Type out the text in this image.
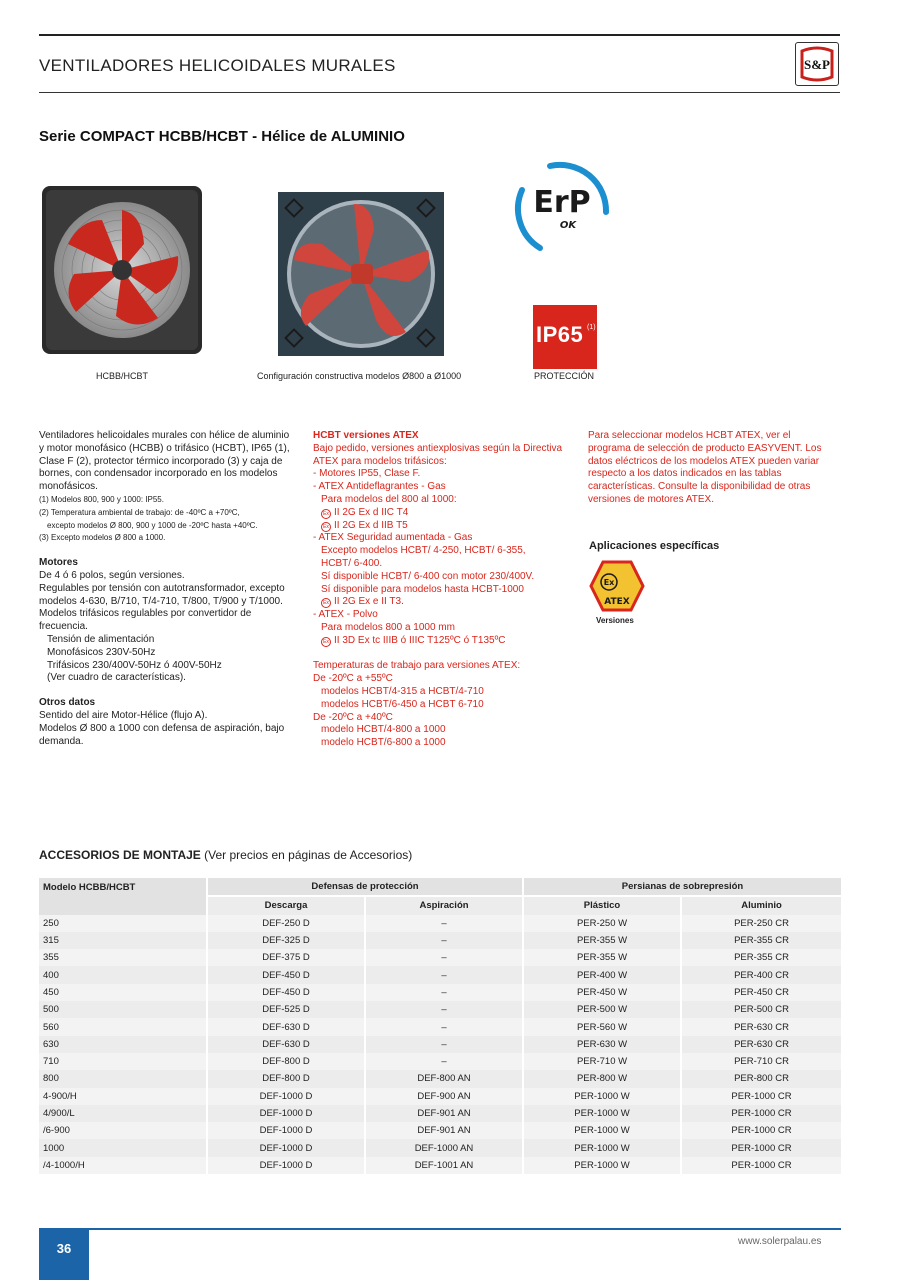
VENTILADORES HELICOIDALES MURALES	S&P
Serie COMPACT HCBB/HCBT - Hélice de ALUMINIO
HCBB/HCBT	Configuración constructiva modelos Ø800 a Ø1000
ErP
OK
IP65 (1)
PROTECCIÓN

Ventiladores helicoidales murales con hélice de aluminio y motor monofásico (HCBB) o trifásico (HCBT), IP65 (1), Clase F (2), protector térmico incorporado (3) y caja de bornes, con condensador incorporado en los modelos monofásicos.

(1) Modelos 800, 900 y 1000: IP55.

(2) Temperatura ambiental de trabajo: de -40ºC a +70ºC,

excepto modelos Ø 800, 900 y 1000 de -20ºC hasta +40ºC.

(3) Excepto modelos Ø 800 a 1000.

Motores

De 4 ó 6 polos, según versiones.

Regulables por tensión con autotransformador, excepto modelos 4-630, B/710, T/4-710, T/800, T/900 y T/1000.

Modelos trifásicos regulables por convertidor de frecuencia.

Tensión de alimentación

Monofásicos 230V-50Hz

Trifásicos 230/400V-50Hz ó 400V-50Hz

(Ver cuadro de características).

Otros datos

Sentido del aire Motor-Hélice (flujo A).

Modelos Ø 800 a 1000 con defensa de aspiración, bajo demanda.

HCBT versiones ATEX

Bajo pedido, versiones antiexplosivas según la Directiva ATEX para modelos trifásicos:

- Motores IP55, Clase F.

- ATEX Antideflagrantes - Gas

Para modelos del 800 al 1000:

Ex II 2G Ex d IIC T4

Ex II 2G Ex d IIB T5

- ATEX Seguridad aumentada - Gas

Excepto modelos HCBT/ 4-250, HCBT/ 6-355,

HCBT/ 6-400.

Sí disponible HCBT/ 6-400 con motor 230/400V.

Sí disponible para modelos hasta HCBT-1000

Ex II 2G Ex e II T3.

- ATEX - Polvo

Para modelos 800 a 1000 mm

Ex II 3D Ex tc IIIB ó IIIC T125ºC ó T135ºC

Temperaturas de trabajo para versiones ATEX:

De -20ºC a +55ºC

modelos HCBT/4-315 a HCBT/4-710

modelos HCBT/6-450 a HCBT 6-710

De -20ºC a +40ºC

modelo HCBT/4-800 a 1000

modelo HCBT/6-800 a 1000

Para seleccionar modelos HCBT ATEX, ver el programa de selección de producto EASYVENT. Los datos eléctricos de los modelos ATEX pueden variar respecto a los datos indicados en las tablas características. Consulte la disponibilidad de otras versiones de motores ATEX.
Aplicaciones específicas
Ex
ATEX
Versiones
ACCESORIOS DE MONTAJE (Ver precios en páginas de Accesorios)
Modelo HCBB/HCBT	Defensas de protección		Persianas de sobrepresión	
	Descarga	Aspiración	Plástico	Aluminio
250	DEF-250 D	–	PER-250 W	PER-250 CR
315	DEF-325 D	–	PER-355 W	PER-355 CR
355	DEF-375 D	–	PER-355 W	PER-355 CR
400	DEF-450 D	–	PER-400 W	PER-400 CR
450	DEF-450 D	–	PER-450 W	PER-450 CR
500	DEF-525 D	–	PER-500 W	PER-500 CR
560	DEF-630 D	–	PER-560 W	PER-630 CR
630	DEF-630 D	–	PER-630 W	PER-630 CR
710	DEF-800 D	–	PER-710 W	PER-710 CR
800	DEF-800 D	DEF-800 AN	PER-800 W	PER-800 CR
4-900/H	DEF-1000 D	DEF-900 AN	PER-1000 W	PER-1000 CR
4/900/L	DEF-1000 D	DEF-901 AN	PER-1000 W	PER-1000 CR
/6-900	DEF-1000 D	DEF-901 AN	PER-1000 W	PER-1000 CR
1000	DEF-1000 D	DEF-1000 AN	PER-1000 W	PER-1000 CR
/4-1000/H	DEF-1000 D	DEF-1001 AN	PER-1000 W	PER-1000 CR
36	www.solerpalau.es
